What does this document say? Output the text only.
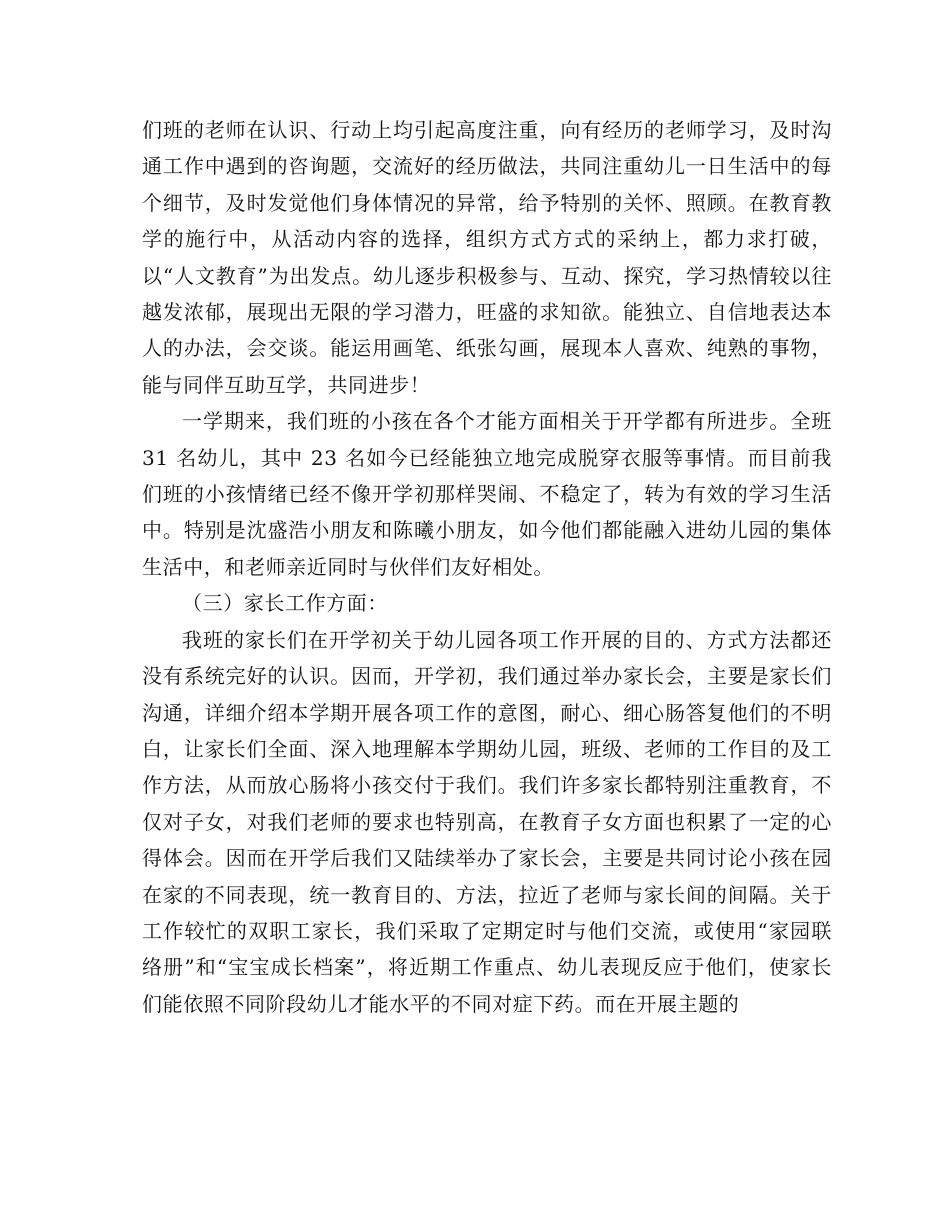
们班的老师在认识、行动上均引起高度注重，向有经历的老师学习，及时沟通工作中遇到的咨询题，交流好的经历做法，共同注重幼儿一日生活中的每个细节，及时发觉他们身体情况的异常，给予特别的关怀、照顾。在教育教学的施行中，从活动内容的选择，组织方式方式的采纳上，都力求打破，以“人文教育”为出发点。幼儿逐步积极参与、互动、探究，学习热情较以往越发浓郁，展现出无限的学习潜力，旺盛的求知欲。能独立、自信地表达本人的办法，会交谈。能运用画笔、纸张勾画，展现本人喜欢、纯熟的事物，能与同伴互助互学，共同进步！

一学期来，我们班的小孩在各个才能方面相关于开学都有所进步。全班 31 名幼儿，其中 23 名如今已经能独立地完成脱穿衣服等事情。而目前我们班的小孩情绪已经不像开学初那样哭闹、不稳定了，转为有效的学习生活中。特别是沈盛浩小朋友和陈曦小朋友，如今他们都能融入进幼儿园的集体生活中，和老师亲近同时与伙伴们友好相处。

（三）家长工作方面：

我班的家长们在开学初关于幼儿园各项工作开展的目的、方式方法都还没有系统完好的认识。因而，开学初，我们通过举办家长会，主要是家长们沟通，详细介绍本学期开展各项工作的意图，耐心、细心肠答复他们的不明白，让家长们全面、深入地理解本学期幼儿园，班级、老师的工作目的及工作方法，从而放心肠将小孩交付于我们。我们许多家长都特别注重教育，不仅对子女，对我们老师的要求也特别高，在教育子女方面也积累了一定的心得体会。因而在开学后我们又陆续举办了家长会，主要是共同讨论小孩在园在家的不同表现，统一教育目的、方法，拉近了老师与家长间的间隔。关于工作较忙的双职工家长，我们采取了定期定时与他们交流，或使用“家园联络册”和“宝宝成长档案”，将近期工作重点、幼儿表现反应于他们，使家长们能依照不同阶段幼儿才能水平的不同对症下药。而在开展主题的
